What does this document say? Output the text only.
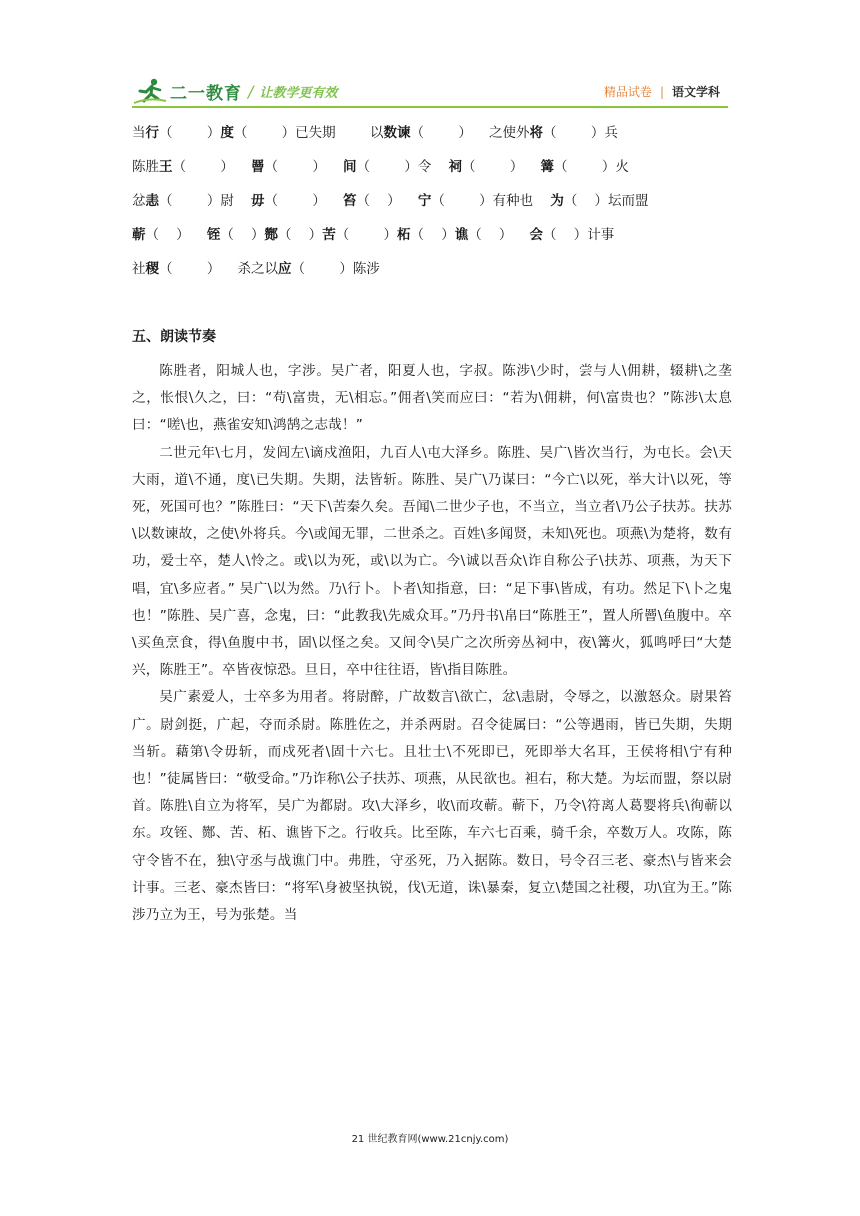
二一教育 / 让教学更有效	精品试卷 | 语文学科
当行（        ）度（        ）已失期        以数谏（        ）    之使外将（        ）兵
陈胜王（        ）    罾（        ）    间（        ）令    祠（        ）    篝（        ）火
忿恚（        ）尉    毋（        ）    笞（    ）    宁（        ）有种也    为（    ）坛而盟
蕲（    ）    铚（    ）酂（    ）苦（        ）柘（    ）谯（    ）    会（    ）计事
社稷（        ）    杀之以应（        ）陈涉
五、朗读节奏

陈胜者，阳城人也，字涉。吴广者，阳夏人也，字叔。陈涉\少时，尝与人\佣耕，辍耕\之垄之，怅恨\久之，曰：“苟\富贵，无\相忘。”佣者\笑而应曰：“若为\佣耕，何\富贵也？”陈涉\太息曰：“嗟\也，燕雀安知\鸿鹄之志哉！”

二世元年\七月，发闾左\谪戍渔阳，九百人\屯大泽乡。陈胜、吴广\皆次当行，为屯长。会\天大雨，道\不通，度\已失期。失期，法皆斩。陈胜、吴广\乃谋曰：“今亡\以死，举大计\以死，等死，死国可也？”陈胜曰：“天下\苦秦久矣。吾闻\二世少子也，不当立，当立者\乃公子扶苏。扶苏\以数谏故，之使\外将兵。今\或闻无罪，二世杀之。百姓\多闻贤，未知\死也。项燕\为楚将，数有功，爱士卒，楚人\怜之。或\以为死，或\以为亡。今\诚以吾众\诈自称公子\扶苏、项燕，为天下唱，宜\多应者。” 吴广\以为然。乃\行卜。卜者\知指意，曰：“足下事\皆成，有功。然足下\卜之鬼也！”陈胜、吴广喜，念鬼，曰：“此教我\先威众耳。”乃丹书\帛曰“陈胜王”，置人所罾\鱼腹中。卒\买鱼烹食，得\鱼腹中书，固\以怪之矣。又间令\吴广之次所旁丛祠中，夜\篝火，狐鸣呼曰“大楚兴，陈胜王”。卒皆夜惊恐。旦日，卒中往往语，皆\指目陈胜。

吴广素爱人，士卒多为用者。将尉醉，广故数言\欲亡，忿\恚尉，令辱之，以激怒众。尉果笞广。尉剑挺，广起，夺而杀尉。陈胜佐之，并杀两尉。召令徒属曰：“公等遇雨，皆已失期，失期当斩。藉第\令毋斩，而戍死者\固十六七。且壮士\不死即已，死即举大名耳，王侯将相\宁有种也！”徒属皆曰：“敬受命。”乃诈称\公子扶苏、项燕，从民欲也。袒右，称大楚。为坛而盟，祭以尉首。陈胜\自立为将军，吴广为都尉。攻\大泽乡，收\而攻蕲。蕲下，乃令\符离人葛婴将兵\徇蕲以东。攻铚、酂、苦、柘、谯皆下之。行收兵。比至陈，车六七百乘，骑千余，卒数万人。攻陈，陈守令皆不在，独\守丞与战谯门中。弗胜，守丞死，乃入据陈。数日，号令召三老、豪杰\与皆来会计事。三老、豪杰皆曰：“将军\身被坚执锐，伐\无道，诛\暴秦，复立\楚国之社稷，功\宜为王。”陈涉乃立为王，号为张楚。当

21 世纪教育网(www.21cnjy.com)
